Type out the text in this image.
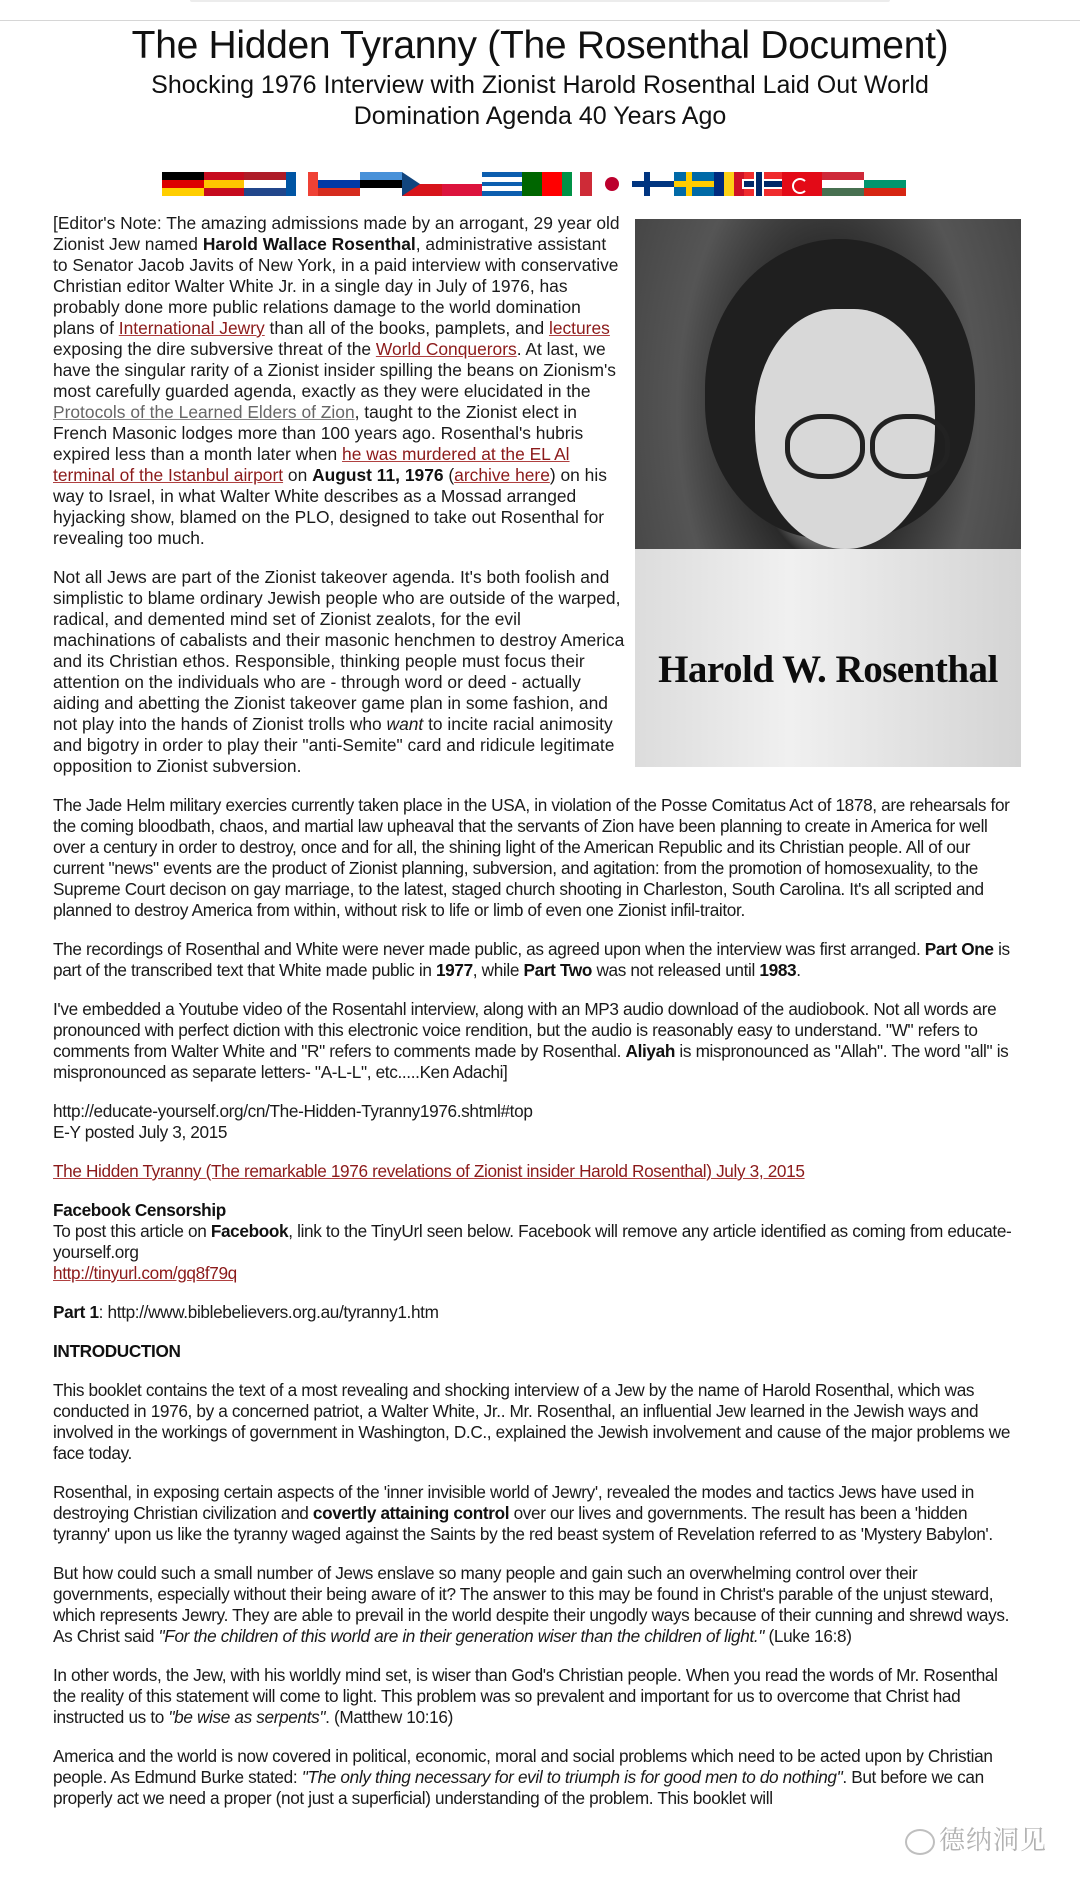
The Hidden Tyranny (The Rosenthal Document)
Shocking 1976 Interview with Zionist Harold Rosenthal Laid Out World Domination Agenda 40 Years Ago
Harold W. Rosenthal

[Editor's Note: The amazing admissions made by an arrogant, 29 year old Zionist Jew named Harold Wallace Rosenthal, administrative assistant to Senator Jacob Javits of New York, in a paid interview with conservative Christian editor Walter White Jr. in a single day in July of 1976, has probably done more public relations damage to the world domination plans of International Jewry than all of the books, pamplets, and lectures exposing the dire subversive threat of the World Conquerors. At last, we have the singular rarity of a Zionist insider spilling the beans on Zionism's most carefully guarded agenda, exactly as they were elucidated in the Protocols of the Learned Elders of Zion, taught to the Zionist elect in French Masonic lodges more than 100 years ago. Rosenthal's hubris expired less than a month later when he was murdered at the EL Al terminal of the Istanbul airport on August 11, 1976 (archive here) on his way to Israel, in what Walter White describes as a Mossad arranged hyjacking show, blamed on the PLO, designed to take out Rosenthal for revealing too much.

Not all Jews are part of the Zionist takeover agenda. It's both foolish and simplistic to blame ordinary Jewish people who are outside of the warped, radical, and demented mind set of Zionist zealots, for the evil machinations of cabalists and their masonic henchmen to destroy America and its Christian ethos. Responsible, thinking people must focus their attention on the individuals who are - through word or deed - actually aiding and abetting the Zionist takeover game plan in some fashion, and not play into the hands of Zionist trolls who want to incite racial animosity and bigotry in order to play their "anti-Semite" card and ridicule legitimate opposition to Zionist subversion.

The Jade Helm military exercies currently taken place in the USA, in violation of the Posse Comitatus Act of 1878, are rehearsals for the coming bloodbath, chaos, and martial law upheaval that the servants of Zion have been planning to create in America for well over a century in order to destroy, once and for all, the shining light of the American Republic and its Christian people. All of our current "news" events are the product of Zionist planning, subversion, and agitation: from the promotion of homosexuality, to the Supreme Court decison on gay marriage, to the latest, staged church shooting in Charleston, South Carolina. It's all scripted and planned to destroy America from within, without risk to life or limb of even one Zionist infil-traitor.

The recordings of Rosenthal and White were never made public, as agreed upon when the interview was first arranged. Part One is part of the transcribed text that White made public in 1977, while Part Two was not released until 1983.

I've embedded a Youtube video of the Rosentahl interview, along with an MP3 audio download of the audiobook. Not all words are pronounced with perfect diction with this electronic voice rendition, but the audio is reasonably easy to understand. "W" refers to comments from Walter White and "R" refers to comments made by Rosenthal. Aliyah is mispronounced as "Allah". The word "all" is mispronounced as separate letters- "A-L-L", etc.....Ken Adachi]

http://educate-yourself.org/cn/The-Hidden-Tyranny1976.shtml#top
E-Y posted July 3, 2015

The Hidden Tyranny (The remarkable 1976 revelations of Zionist insider Harold Rosenthal) July 3, 2015

Facebook Censorship
To post this article on Facebook, link to the TinyUrl seen below. Facebook will remove any article identified as coming from educate-yourself.org
http://tinyurl.com/gq8f79q

Part 1: http://www.biblebelievers.org.au/tyranny1.htm

INTRODUCTION

This booklet contains the text of a most revealing and shocking interview of a Jew by the name of Harold Rosenthal, which was conducted in 1976, by a concerned patriot, a Walter White, Jr.. Mr. Rosenthal, an influential Jew learned in the Jewish ways and involved in the workings of government in Washington, D.C., explained the Jewish involvement and cause of the major problems we face today.

Rosenthal, in exposing certain aspects of the 'inner invisible world of Jewry', revealed the modes and tactics Jews have used in destroying Christian civilization and covertly attaining control over our lives and governments. The result has been a 'hidden tyranny' upon us like the tyranny waged against the Saints by the red beast system of Revelation referred to as 'Mystery Babylon'.

But how could such a small number of Jews enslave so many people and gain such an overwhelming control over their governments, especially without their being aware of it? The answer to this may be found in Christ's parable of the unjust steward, which represents Jewry. They are able to prevail in the world despite their ungodly ways because of their cunning and shrewd ways. As Christ said "For the children of this world are in their generation wiser than the children of light." (Luke 16:8)

In other words, the Jew, with his worldly mind set, is wiser than God's Christian people. When you read the words of Mr. Rosenthal the reality of this statement will come to light. This problem was so prevalent and important for us to overcome that Christ had instructed us to "be wise as serpents". (Matthew 10:16)

America and the world is now covered in political, economic, moral and social problems which need to be acted upon by Christian people. As Edmund Burke stated: "The only thing necessary for evil to triumph is for good men to do nothing". But before we can properly act we need a proper (not just a superficial) understanding of the problem. This booklet will

德纳洞见
